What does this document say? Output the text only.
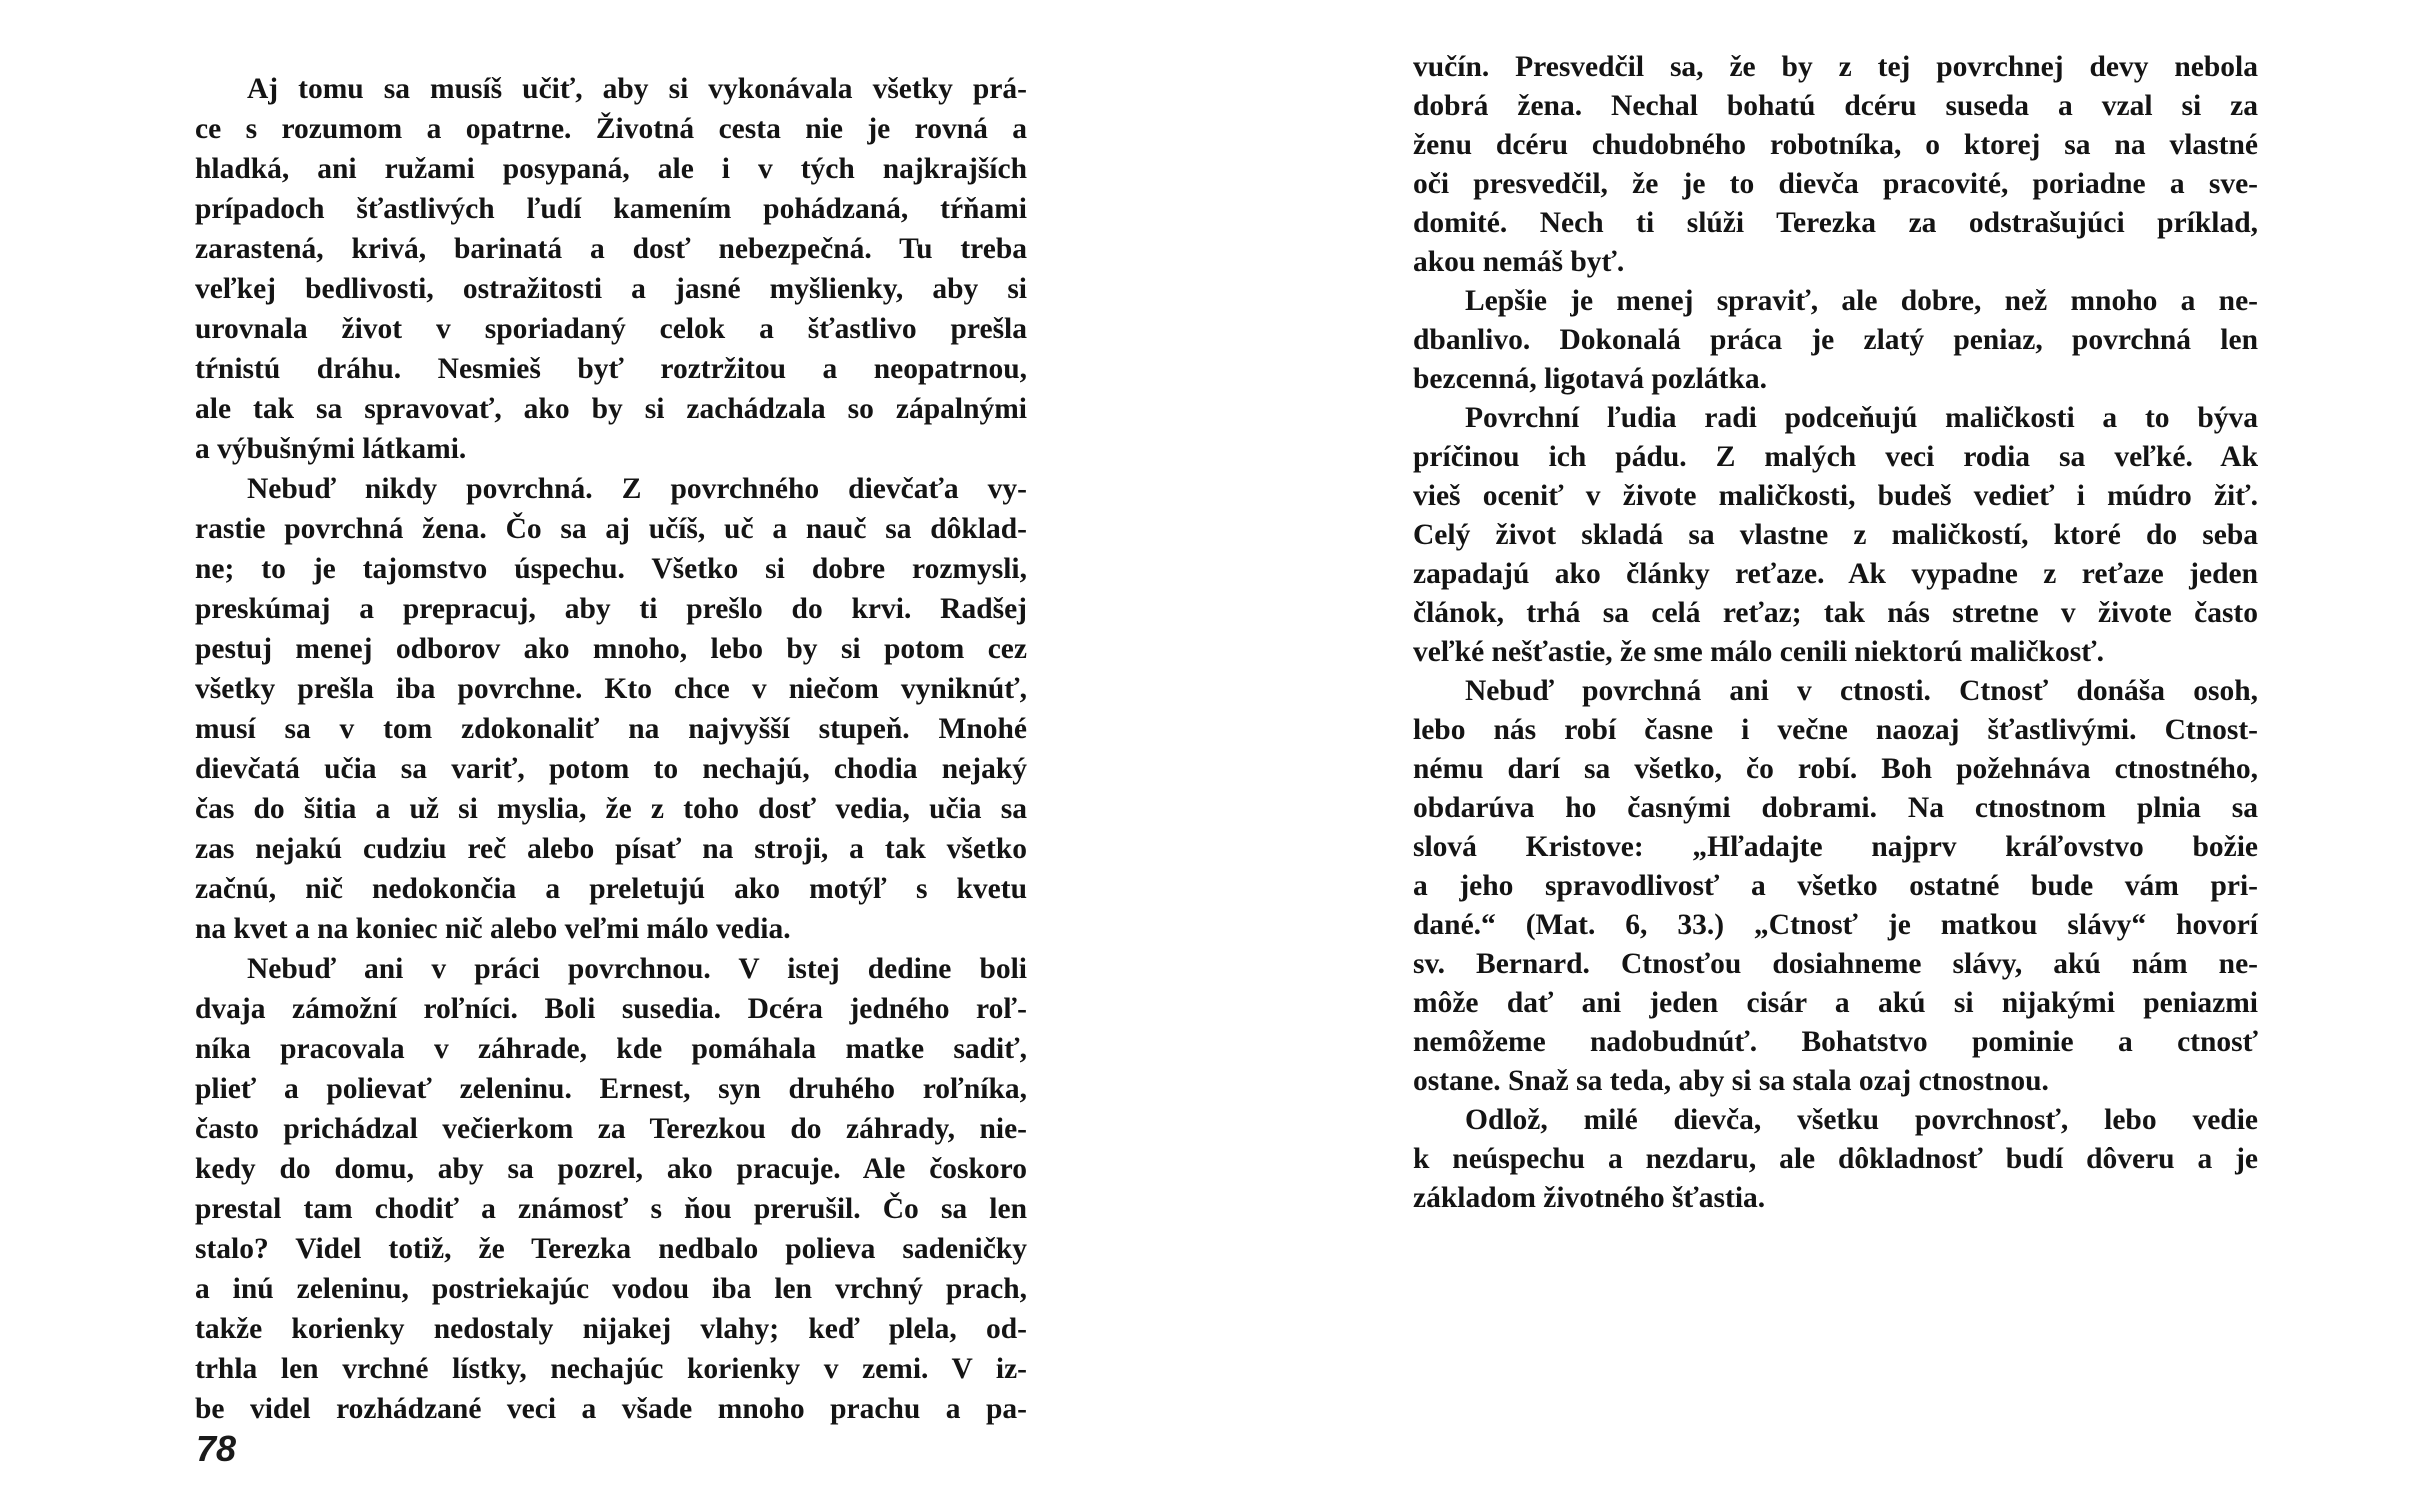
Aj tomu sa musíš učiť, aby si vykonávala všetky prá-
ce s rozumom a opatrne. Životná cesta nie je rovná a
hladká, ani ružami posypaná, ale i v tých najkrajších
prípadoch šťastlivých ľudí kamením pohádzaná, tŕňami
zarastená, krivá, barinatá a dosť nebezpečná. Tu treba
veľkej bedlivosti, ostražitosti a jasné myšlienky, aby si
urovnala život v sporiadaný celok a šťastlivo prešla
tŕnistú dráhu. Nesmieš byť roztržitou a neopatrnou,
ale tak sa spravovať, ako by si zachádzala so zápalnými
a výbušnými látkami.
Nebuď nikdy povrchná. Z povrchného dievčaťa vy-
rastie povrchná žena. Čo sa aj učíš, uč a nauč sa dôklad-
ne; to je tajomstvo úspechu. Všetko si dobre rozmysli,
preskúmaj a prepracuj, aby ti prešlo do krvi. Radšej
pestuj menej odborov ako mnoho, lebo by si potom cez
všetky prešla iba povrchne. Kto chce v niečom vyniknúť,
musí sa v tom zdokonaliť na najvyšší stupeň. Mnohé
dievčatá učia sa variť, potom to nechajú, chodia nejaký
čas do šitia a už si myslia, že z toho dosť vedia, učia sa
zas nejakú cudziu reč alebo písať na stroji, a tak všetko
začnú, nič nedokončia a preletujú ako motýľ s kvetu
na kvet a na koniec nič alebo veľmi málo vedia.
Nebuď ani v práci povrchnou. V istej dedine boli
dvaja zámožní roľníci. Boli susedia. Dcéra jedného roľ-
níka pracovala v záhrade, kde pomáhala matke sadiť,
plieť a polievať zeleninu. Ernest, syn druhého roľníka,
často prichádzal večierkom za Terezkou do záhrady, nie-
kedy do domu, aby sa pozrel, ako pracuje. Ale čoskoro
prestal tam chodiť a známosť s ňou prerušil. Čo sa len
stalo? Videl totiž, že Terezka nedbalo polieva sadeničky
a inú zeleninu, postriekajúc vodou iba len vrchný prach,
takže korienky nedostaly nijakej vlahy; keď plela, od-
trhla len vrchné lístky, nechajúc korienky v zemi. V iz-
be videl rozhádzané veci a všade mnoho prachu a pa-
vučín. Presvedčil sa, že by z tej povrchnej devy nebola
dobrá žena. Nechal bohatú dcéru suseda a vzal si za
ženu dcéru chudobného robotníka, o ktorej sa na vlastné
oči presvedčil, že je to dievča pracovité, poriadne a sve-
domité. Nech ti slúži Terezka za odstrašujúci príklad,
akou nemáš byť.
Lepšie je menej spraviť, ale dobre, než mnoho a ne-
dbanlivo. Dokonalá práca je zlatý peniaz, povrchná len
bezcenná, ligotavá pozlátka.
Povrchní ľudia radi podceňujú maličkosti a to býva
príčinou ich pádu. Z malých veci rodia sa veľké. Ak
vieš oceniť v živote maličkosti, budeš vedieť i múdro žiť.
Celý život skladá sa vlastne z maličkostí, ktoré do seba
zapadajú ako články reťaze. Ak vypadne z reťaze jeden
článok, trhá sa celá reťaz; tak nás stretne v živote často
veľké nešťastie, že sme málo cenili niektorú maličkosť.
Nebuď povrchná ani v ctnosti. Ctnosť donáša osoh,
lebo nás robí časne i večne naozaj šťastlivými. Ctnost-
nému darí sa všetko, čo robí. Boh požehnáva ctnostného,
obdarúva ho časnými dobrami. Na ctnostnom plnia sa
slová Kristove: „Hľadajte najprv kráľovstvo božie
a jeho spravodlivosť a všetko ostatné bude vám pri-
dané.“ (Mat. 6, 33.) „Ctnosť je matkou slávy“ hovorí
sv. Bernard. Ctnosťou dosiahneme slávy, akú nám ne-
môže dať ani jeden cisár a akú si nijakými peniazmi
nemôžeme nadobudnúť. Bohatstvo pominie a ctnosť
ostane. Snaž sa teda, aby si sa stala ozaj ctnostnou.
Odlož, milé dievča, všetku povrchnosť, lebo vedie
k neúspechu a nezdaru, ale dôkladnosť budí dôveru a je
základom životného šťastia.
78
